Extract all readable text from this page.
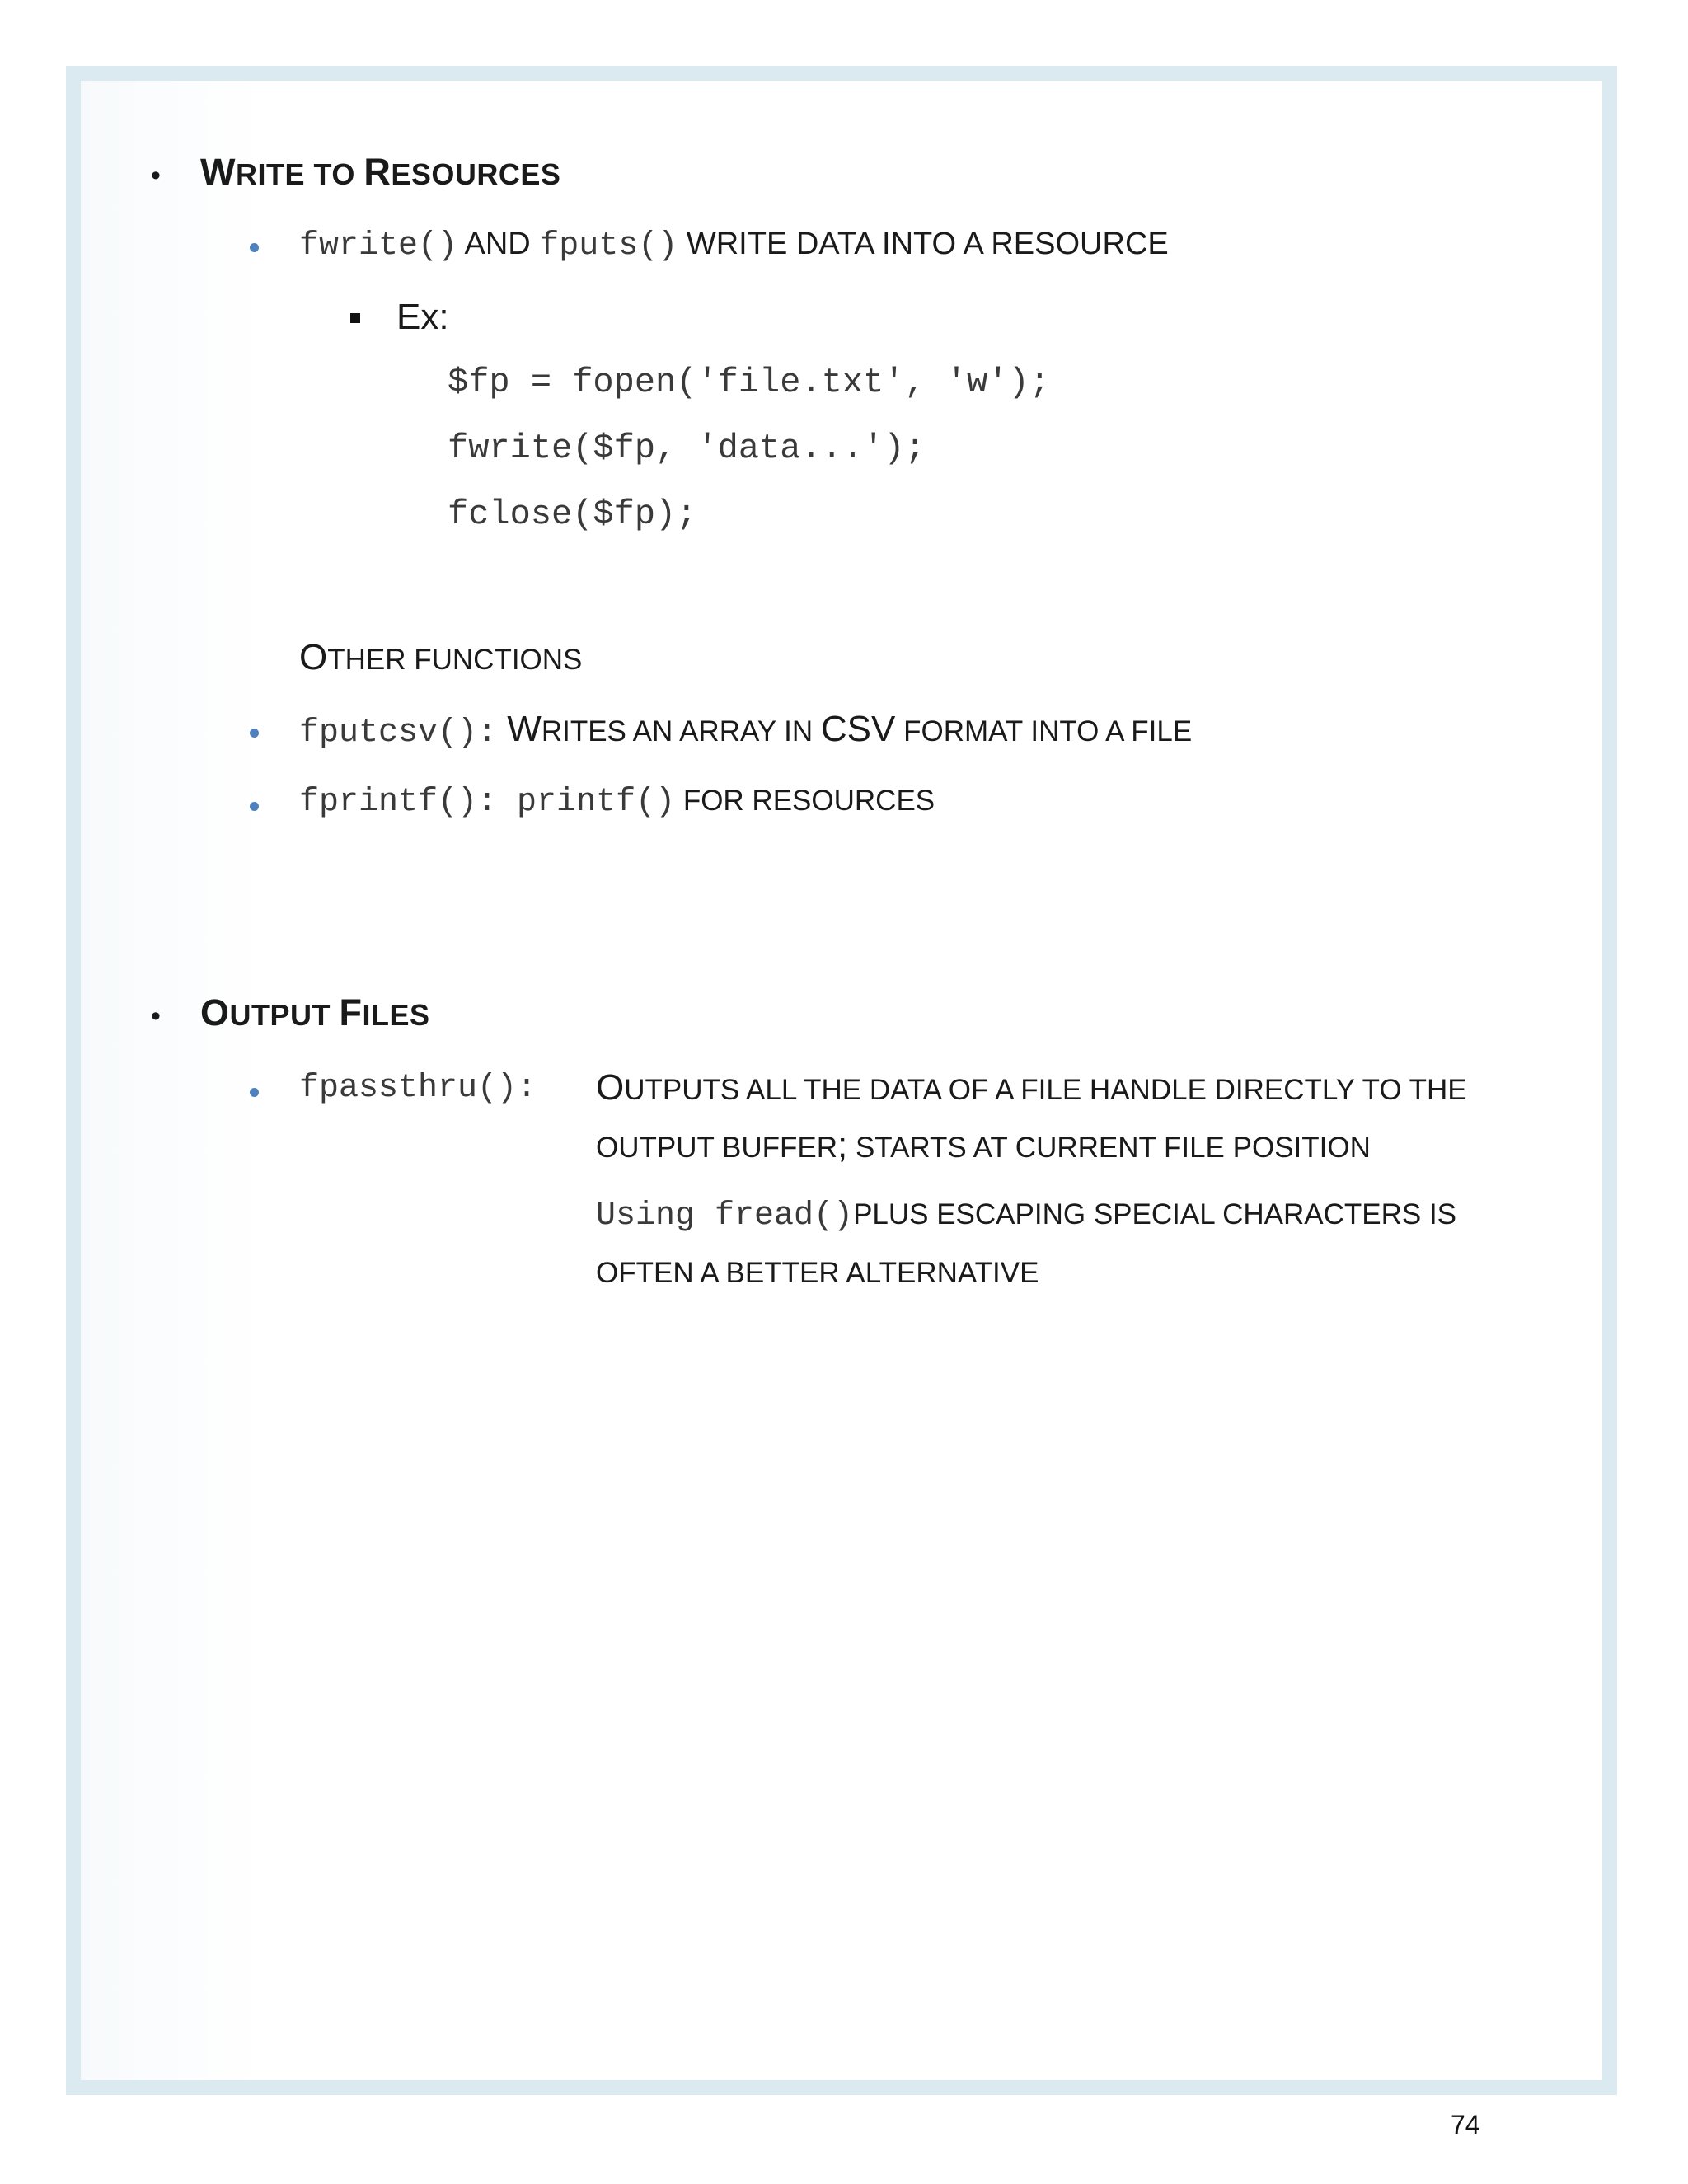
• WRITE TO RESOURCES
fwrite() AND fputs() WRITE DATA INTO A RESOURCE
Ex:
$fp = fopen('file.txt', 'w');
fwrite($fp, 'data...');
fclose($fp);
OTHER FUNCTIONS
fputcsv(): WRITES AN ARRAY IN CSV FORMAT INTO A FILE
fprintf(): printf() FOR RESOURCES
• OUTPUT FILES
fpassthru(): OUTPUTS ALL THE DATA OF A FILE HANDLE DIRECTLY TO THE
OUTPUT BUFFER; STARTS AT CURRENT FILE POSITION
Using fread()PLUS ESCAPING SPECIAL CHARACTERS IS
OFTEN A BETTER ALTERNATIVE
74
